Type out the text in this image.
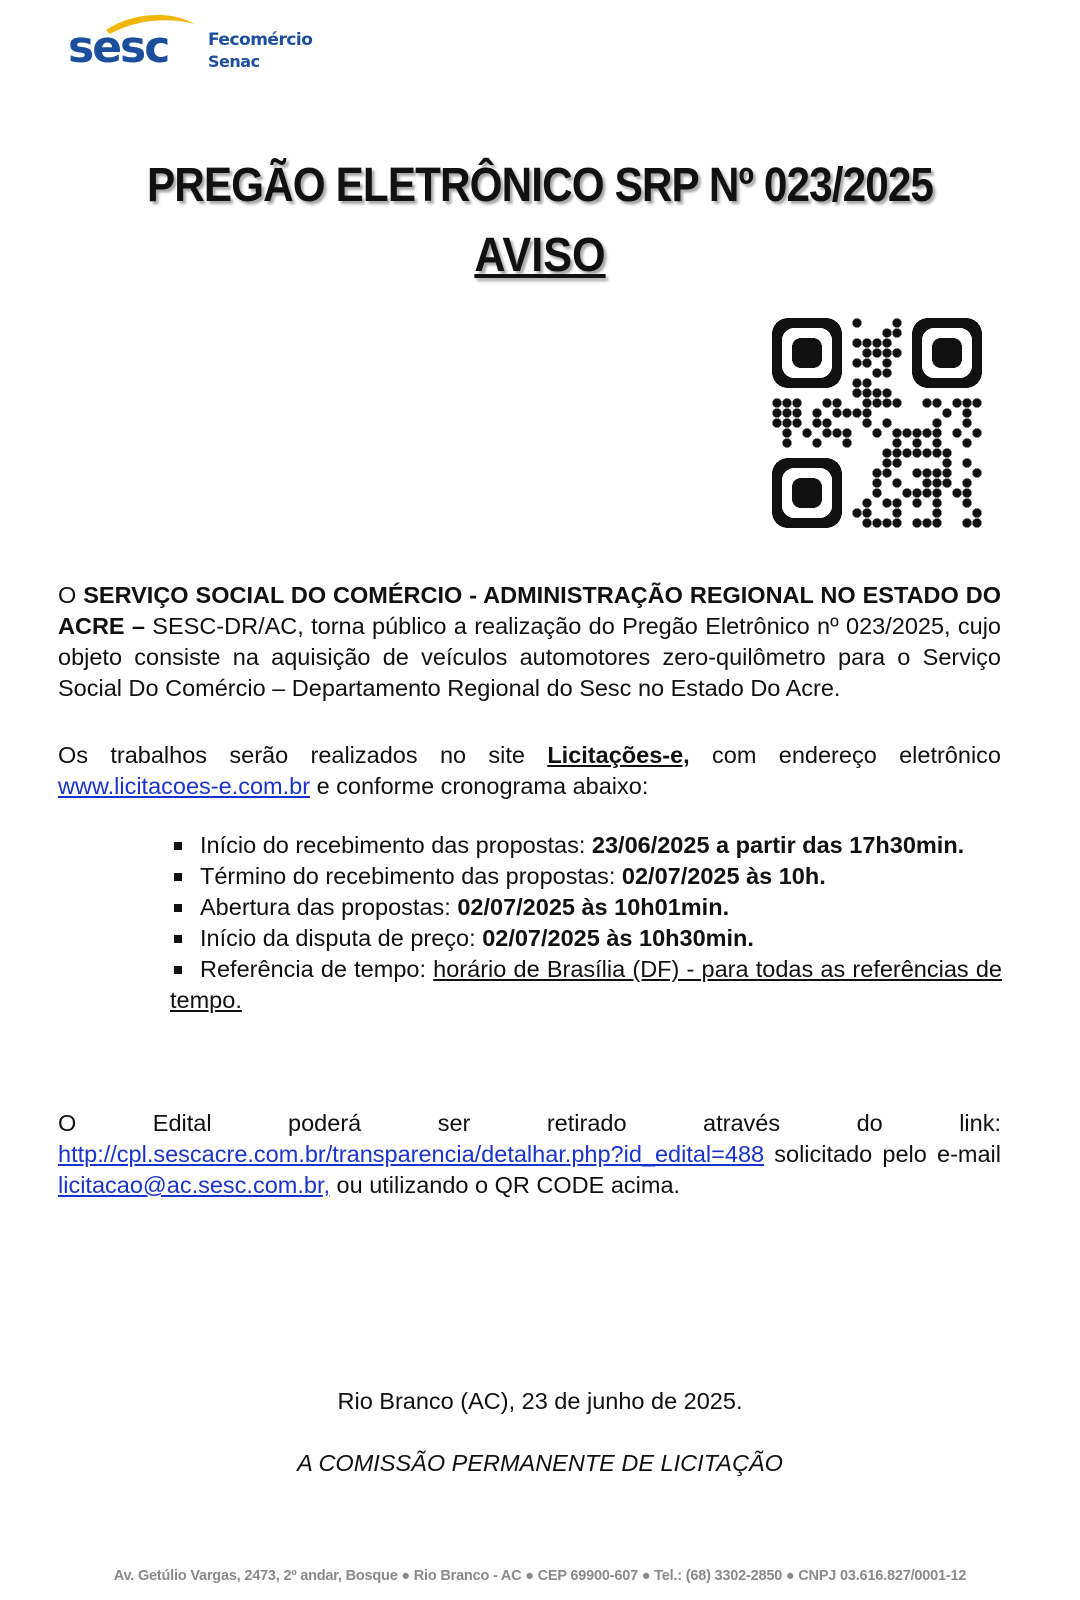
sesc Fecomércio
Senac
PREGÃO ELETRÔNICO SRP Nº 023/2025
AVISO
O SERVIÇO SOCIAL DO COMÉRCIO - ADMINISTRAÇÃO REGIONAL NO ESTADO DO ACRE – SESC-DR/AC, torna público a realização do Pregão Eletrônico nº 023/2025, cujo objeto consiste na aquisição de veículos automotores zero-quilômetro para o Serviço Social Do Comércio – Departamento Regional do Sesc no Estado Do Acre.
Os trabalhos serão realizados no site Licitações-e, com endereço eletrônico www.licitacoes-e.com.br e conforme cronograma abaixo:
Início do recebimento das propostas: 23/06/2025 a partir das 17h30min.
Término do recebimento das propostas: 02/07/2025 às 10h.
Abertura das propostas: 02/07/2025 às 10h01min.
Início da disputa de preço: 02/07/2025 às 10h30min.
Referência de tempo: horário de Brasília (DF) - para todas as referências de tempo.
O Edital poderá ser retirado através do link:
http://cpl.sescacre.com.br/transparencia/detalhar.php?id_edital=488 solicitado pelo e-mail licitacao@ac.sesc.com.br, ou utilizando o QR CODE acima.
Rio Branco (AC), 23 de junho de 2025.
A COMISSÃO PERMANENTE DE LICITAÇÃO
Av. Getúlio Vargas, 2473, 2º andar, Bosque ● Rio Branco - AC ● CEP 69900-607 ● Tel.: (68) 3302-2850 ● CNPJ 03.616.827/0001-12
